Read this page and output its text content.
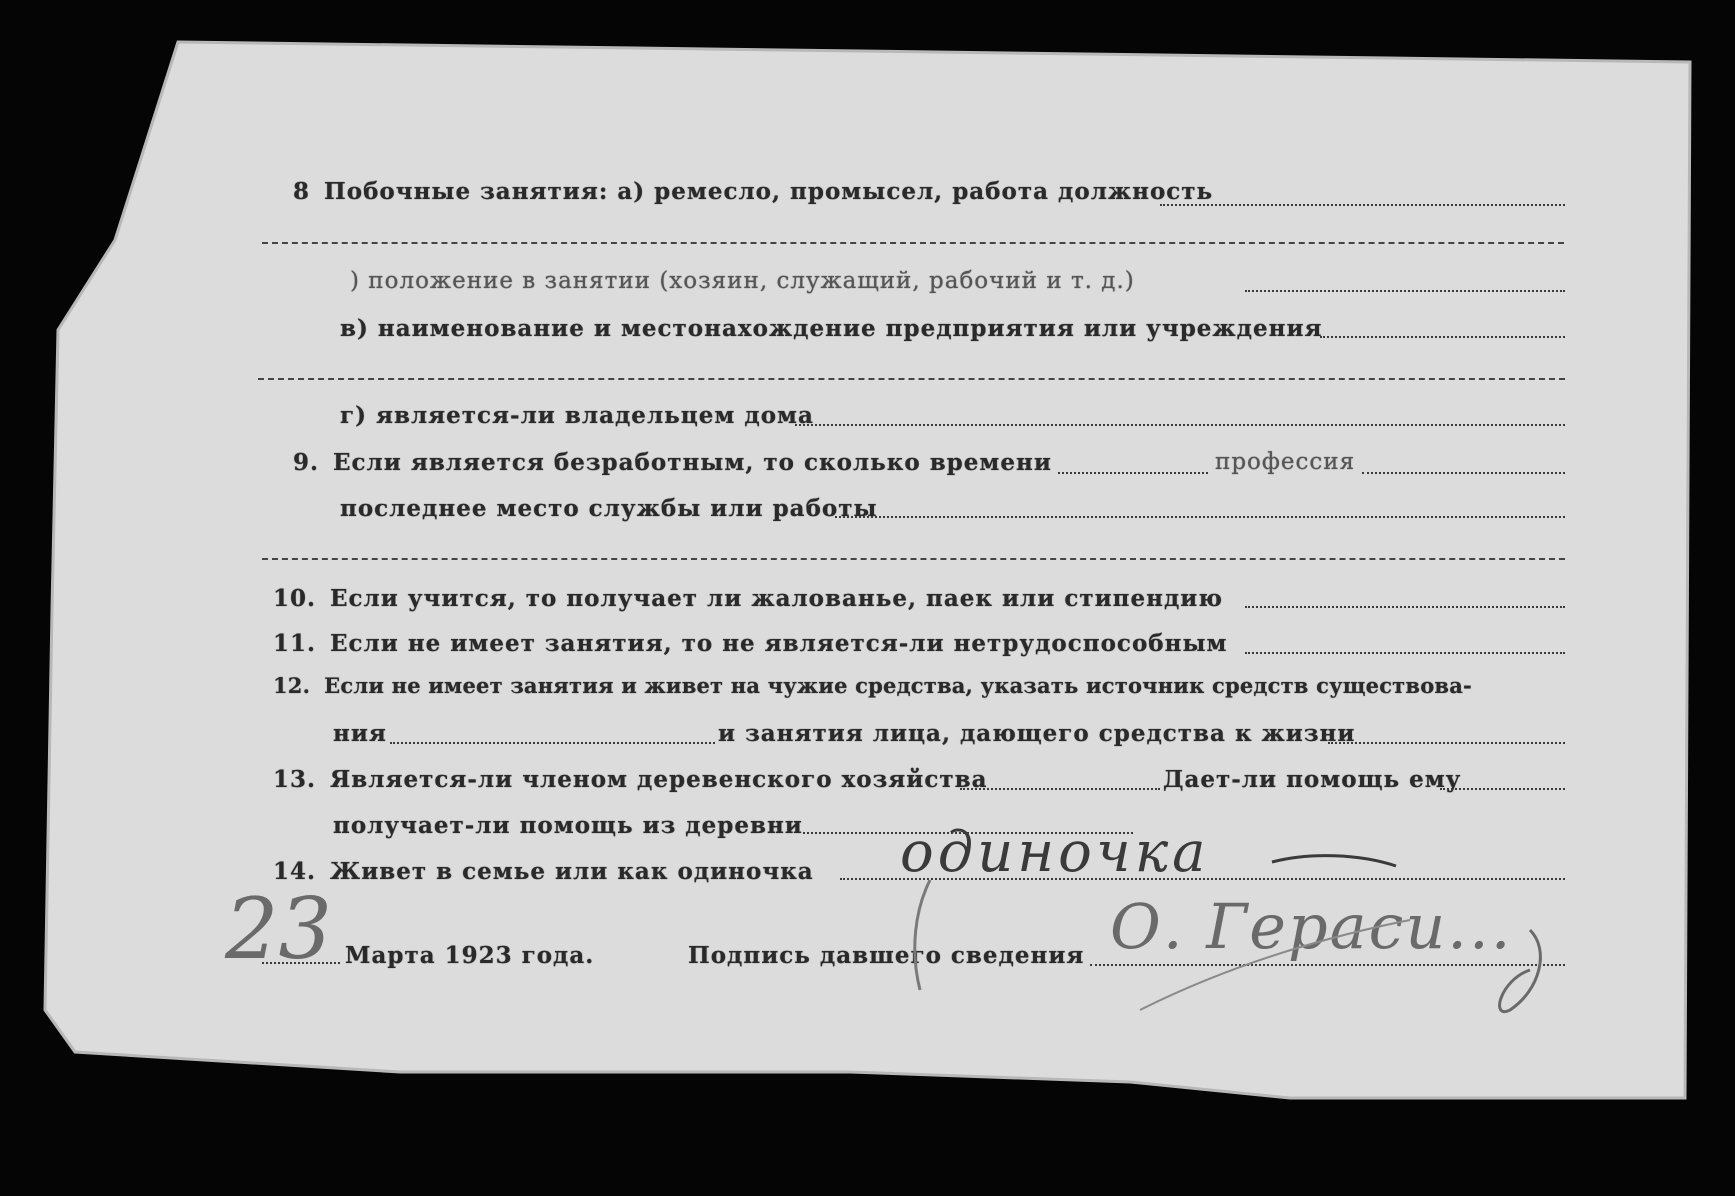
8 Побочные занятия: а) ремесло, промысел, работа должность
) положение в занятии (хозяин, служащий, рабочий и т. д.)
в) наименование и местонахождение предприятия или учреждения
г) является-ли владельцем дома
9. Если является безработным, то сколько времени	профессия
последнее место службы или работы
10. Если учится, то получает ли жалованье, паек или стипендию
11. Если не имеет занятия, то не является-ли нетрудоспособным
12. Если не имеет занятия и живет на чужие средства, указать источник средств существова-
ния	и занятия лица, дающего средства к жизни
13. Является-ли членом деревенского хозяйства	Дает-ли помощь ему
получает-ли помощь из деревни
14. Живет в семье или как одиночка одиночка
23 Марта 1923 года.	Подпись давшего сведения О. Гераси...
